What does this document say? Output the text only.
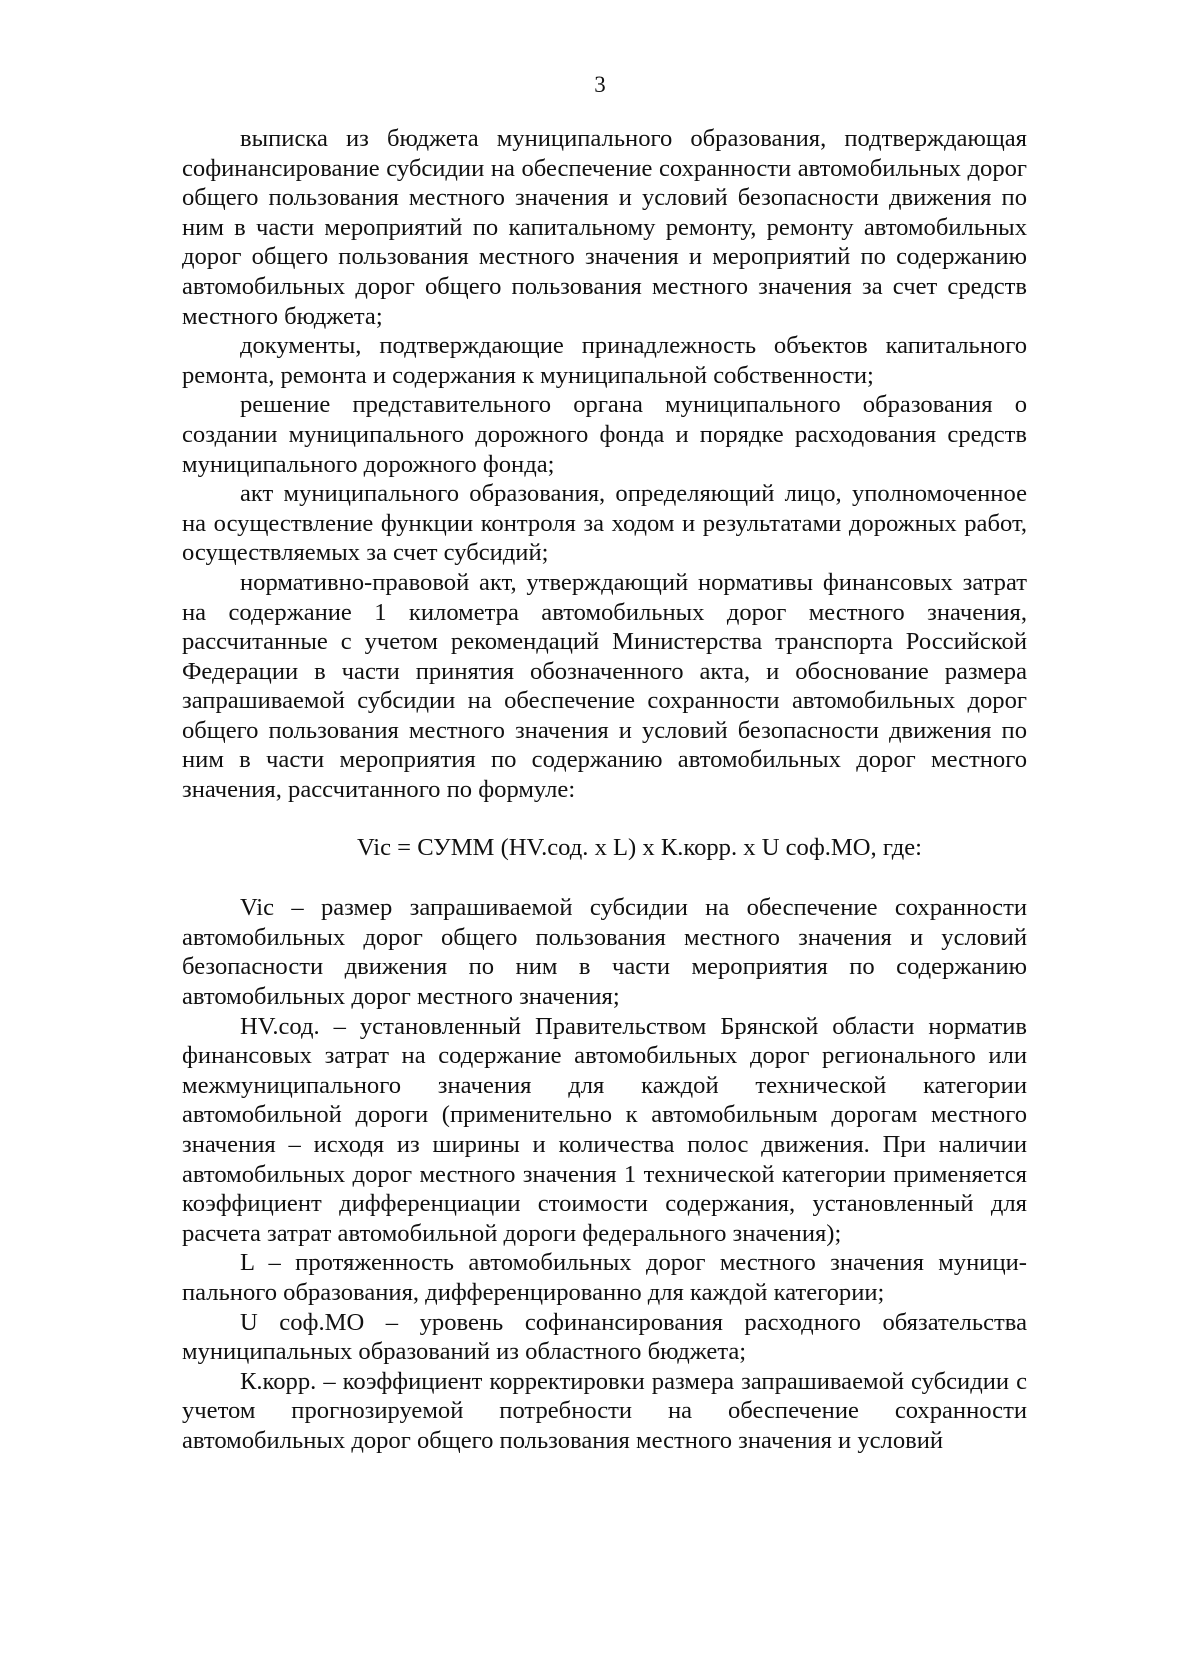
3

выписка из бюджета муниципального образования, подтверждающая софинансирование субсидии на обеспечение сохранности автомобильных дорог общего пользования местного значения и условий безопасности движения по ним в части мероприятий по капитальному ремонту, ремонту автомобильных дорог общего пользования местного значения и мероприятий по содержанию автомобильных дорог общего пользования местного значения за счет средств местного бюджета;

документы, подтверждающие принадлежность объектов капитального ремонта, ремонта и содержания к муниципальной собственности;

решение представительного органа муниципального образования о создании муниципального дорожного фонда и порядке расходования средств муниципального дорожного фонда;

акт муниципального образования, определяющий лицо, уполномоченное на осуществление функции контроля за ходом и результатами дорожных работ, осуществляемых за счет субсидий;

нормативно-правовой акт, утверждающий нормативы финансовых затрат на содержание 1 километра автомобильных дорог местного значения, рассчитанные с учетом рекомендаций Министерства транспорта Российской Федерации в части принятия обозначенного акта, и обоснование размера запрашиваемой субсидии на обеспечение сохранности автомобильных дорог общего пользования местного значения и условий безопасности движения по ним в части мероприятия по содержанию автомобильных дорог местного значения, рассчитанного по формуле:

Vic = СУММ (HV.сод. х L) х К.корр. х U соф.МО, где:

Vic – размер запрашиваемой субсидии на обеспечение сохранности автомобильных дорог общего пользования местного значения и условий безопасности движения по ним в части мероприятия по содержанию автомобильных дорог местного значения;

HV.сод. – установленный Правительством Брянской области норматив финансовых затрат на содержание автомобильных дорог регионального или межмуниципального значения для каждой технической категории автомобильной дороги (применительно к автомобильным дорогам местного значения – исходя из ширины и количества полос движения. При наличии автомобильных дорог местного значения 1 технической категории применяется коэффициент дифференциации стоимости содержания, установленный для расчета затрат автомобильной дороги федерального значения);

L – протяженность автомобильных дорог местного значения муниципального образования, дифференцированно для каждой категории;

U соф.МО – уровень софинансирования расходного обязательства муниципальных образований из областного бюджета;

К.корр. – коэффициент корректировки размера запрашиваемой субсидии с учетом прогнозируемой потребности на обеспечение сохранности автомобильных дорог общего пользования местного значения и условий
